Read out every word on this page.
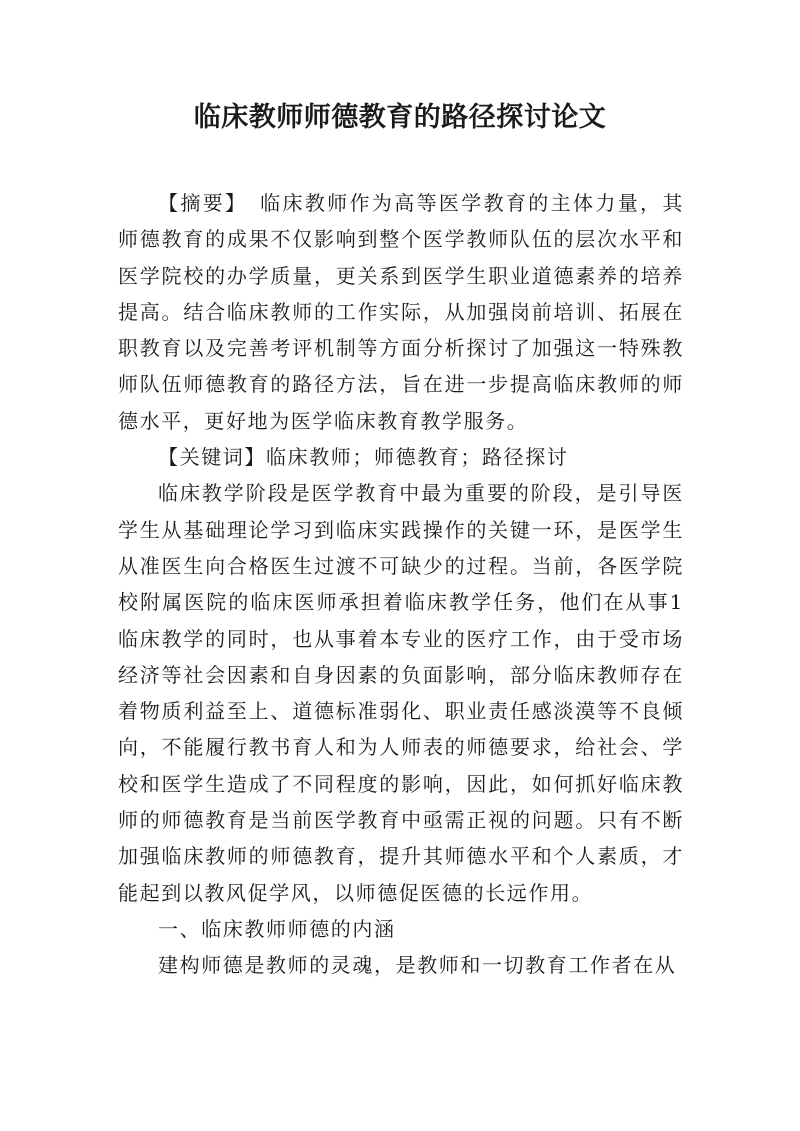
临床教师师德教育的路径探讨论文

【摘要】 临床教师作为高等医学教育的主体力量，其师德教育的成果不仅影响到整个医学教师队伍的层次水平和医学院校的办学质量，更关系到医学生职业道德素养的培养提高。结合临床教师的工作实际，从加强岗前培训、拓展在职教育以及完善考评机制等方面分析探讨了加强这一特殊教师队伍师德教育的路径方法，旨在进一步提高临床教师的师德水平，更好地为医学临床教育教学服务。

【关键词】临床教师；师德教育；路径探讨

临床教学阶段是医学教育中最为重要的阶段，是引导医学生从基础理论学习到临床实践操作的关键一环，是医学生从准医生向合格医生过渡不可缺少的过程。当前，各医学院校附属医院的临床医师承担着临床教学任务，他们在从事1临床教学的同时，也从事着本专业的医疗工作，由于受市场经济等社会因素和自身因素的负面影响，部分临床教师存在着物质利益至上、道德标准弱化、职业责任感淡漠等不良倾向，不能履行教书育人和为人师表的师德要求，给社会、学校和医学生造成了不同程度的影响，因此，如何抓好临床教师的师德教育是当前医学教育中亟需正视的问题。只有不断加强临床教师的师德教育，提升其师德水平和个人素质，才能起到以教风促学风，以师德促医德的长远作用。

一、临床教师师德的内涵

建构师德是教师的灵魂，是教师和一切教育工作者在从
